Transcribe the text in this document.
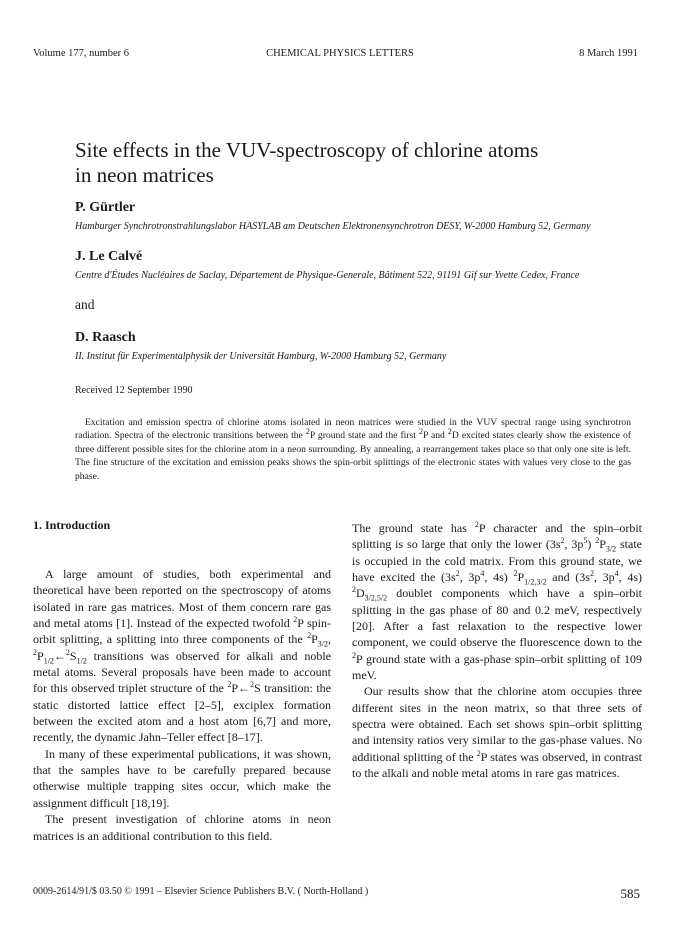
Volume 177, number 6	CHEMICAL PHYSICS LETTERS	8 March 1991
Site effects in the VUV-spectroscopy of chlorine atoms
in neon matrices
P. Gürtler
Hamburger Synchrotronstrahlungslabor HASYLAB am Deutschen Elektronensynchrotron DESY, W-2000 Hamburg 52, Germany
J. Le Calvé
Centre d'Études Nucléaires de Saclay, Département de Physique-Generale, Bâtiment 522, 91191 Gif sur Yvette Cedex, France
and
D. Raasch
II. Institut für Experimentalphysik der Universität Hamburg, W-2000 Hamburg 52, Germany
Received 12 September 1990
Excitation and emission spectra of chlorine atoms isolated in neon matrices were studied in the VUV spectral range using synchrotron radiation. Spectra of the electronic transitions between the $^2$P ground state and the first $^2$P and $^2$D excited states clearly show the existence of three different possible sites for the chlorine atom in a neon surrounding. By annealing, a rearrangement takes place so that only one site is left. The fine structure of the excitation and emission peaks shows the spin-orbit splittings of the electronic states with values very close to the gas phase.
1. Introduction

A large amount of studies, both experimental and theoretical have been reported on the spectroscopy of atoms isolated in rare gas matrices. Most of them concern rare gas and metal atoms [1]. Instead of the expected twofold $^2$P spin-orbit splitting, a splitting into three components of the $^2P_{3/2}$, $^2P_{1/2}\leftarrow^2S_{1/2}$ transitions was observed for alkali and noble metal atoms. Several proposals have been made to account for this observed triplet structure of the $^2$P←$^2$S transition: the static distorted lattice effect [2–5], exciplex formation between the excited atom and a host atom [6,7] and more, recently, the dynamic Jahn–Teller effect [8–17].

In many of these experimental publications, it was shown, that the samples have to be carefully prepared because otherwise multiple trapping sites occur, which make the assignment difficult [18,19].

The present investigation of chlorine atoms in neon matrices is an additional contribution to this field.

The ground state has $^2$P character and the spin–orbit splitting is so large that only the lower ($3s^2$, $3p^5$) $^2P_{3/2}$ state is occupied in the cold matrix. From this ground state, we have excited the ($3s^2$, $3p^4$, 4s) $^2P_{1/2,3/2}$ and ($3s^2$, $3p^4$, 4s) $^2D_{3/2,5/2}$ doublet components which have a spin–orbit splitting in the gas phase of 80 and 0.2 meV, respectively [20]. After a fast relaxation to the respective lower component, we could observe the fluorescence down to the $^2$P ground state with a gas-phase spin–orbit splitting of 109 meV.

Our results show that the chlorine atom occupies three different sites in the neon matrix, so that three sets of spectra were obtained. Each set shows spin–orbit splitting and intensity ratios very similar to the gas-phase values. No additional splitting of the $^2$P states was observed, in contrast to the alkali and noble metal atoms in rare gas matrices.

0009-2614/91/$ 03.50 © 1991 – Elsevier Science Publishers B.V. ( North-Holland )	585
